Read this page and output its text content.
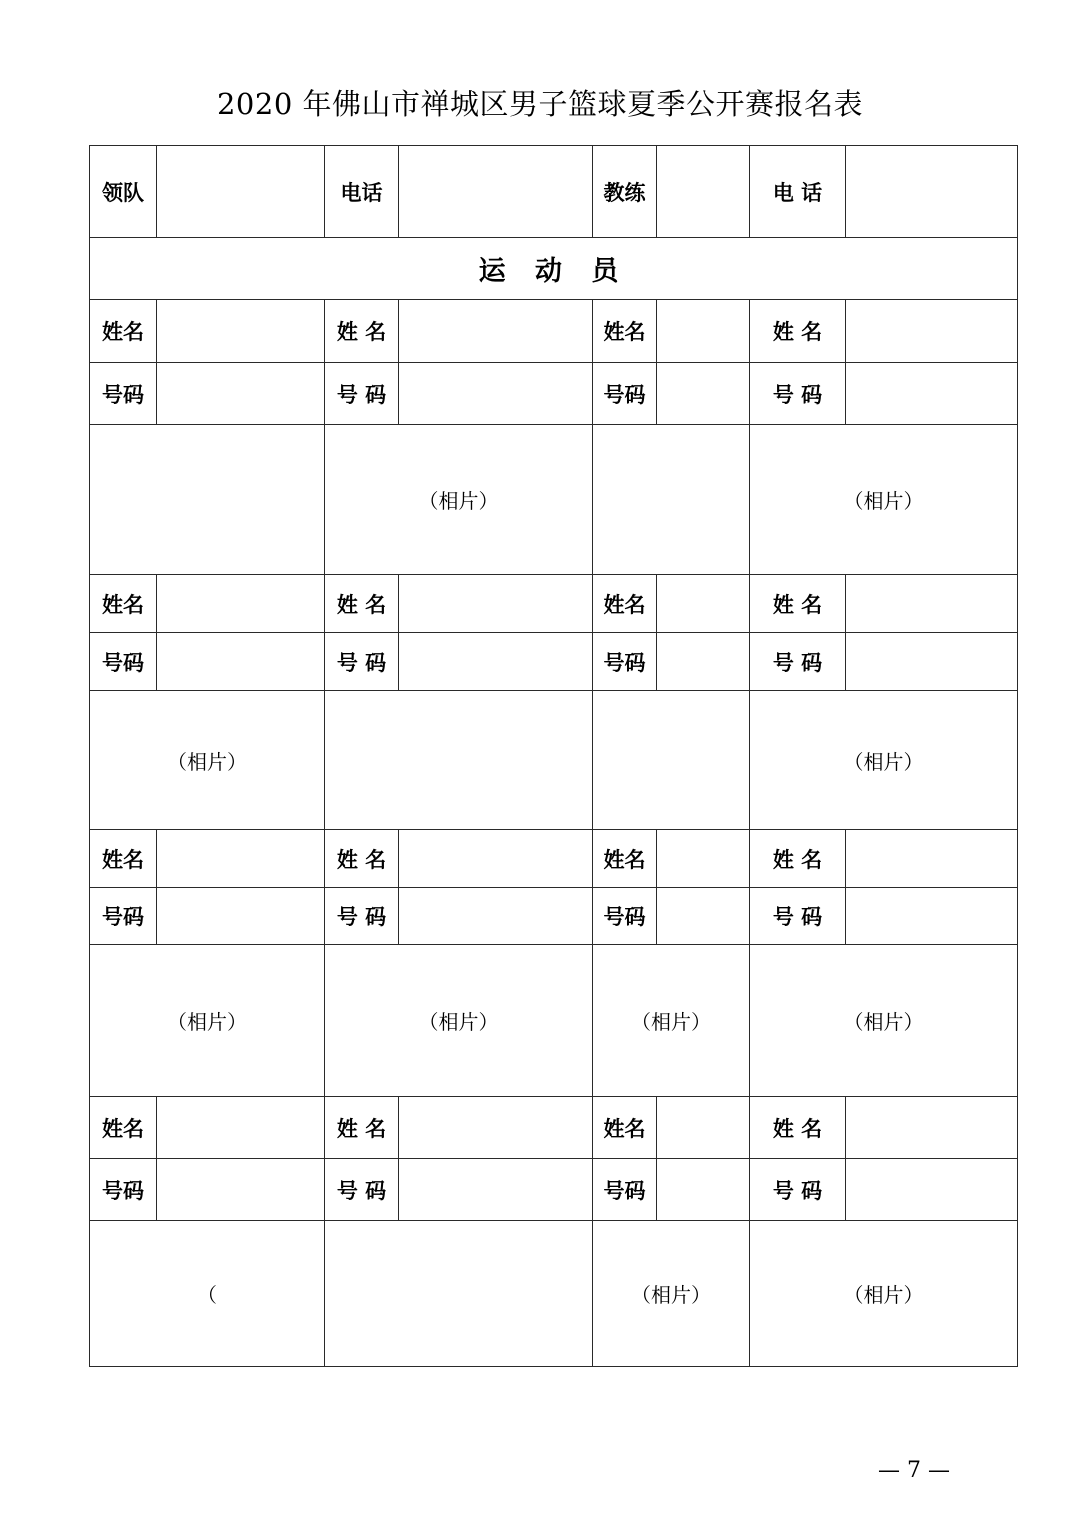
2020 年佛山市禅城区男子篮球夏季公开赛报名表
领队		电话		教练		电 话	
运 动 员							
姓名		姓 名		姓名		姓 名	
号码		号 码		号码		号 码	
		（相片）				（相片）	
姓名		姓 名		姓名		姓 名	
号码		号 码		号码		号 码	
（相片）						（相片）	
姓名		姓 名		姓名		姓 名	
号码		号 码		号码		号 码	
（相片）		（相片）		（相片）		（相片）	
姓名		姓 名		姓名		姓 名	
号码		号 码		号码		号 码	
（				（相片）		（相片）	
— 7 —
